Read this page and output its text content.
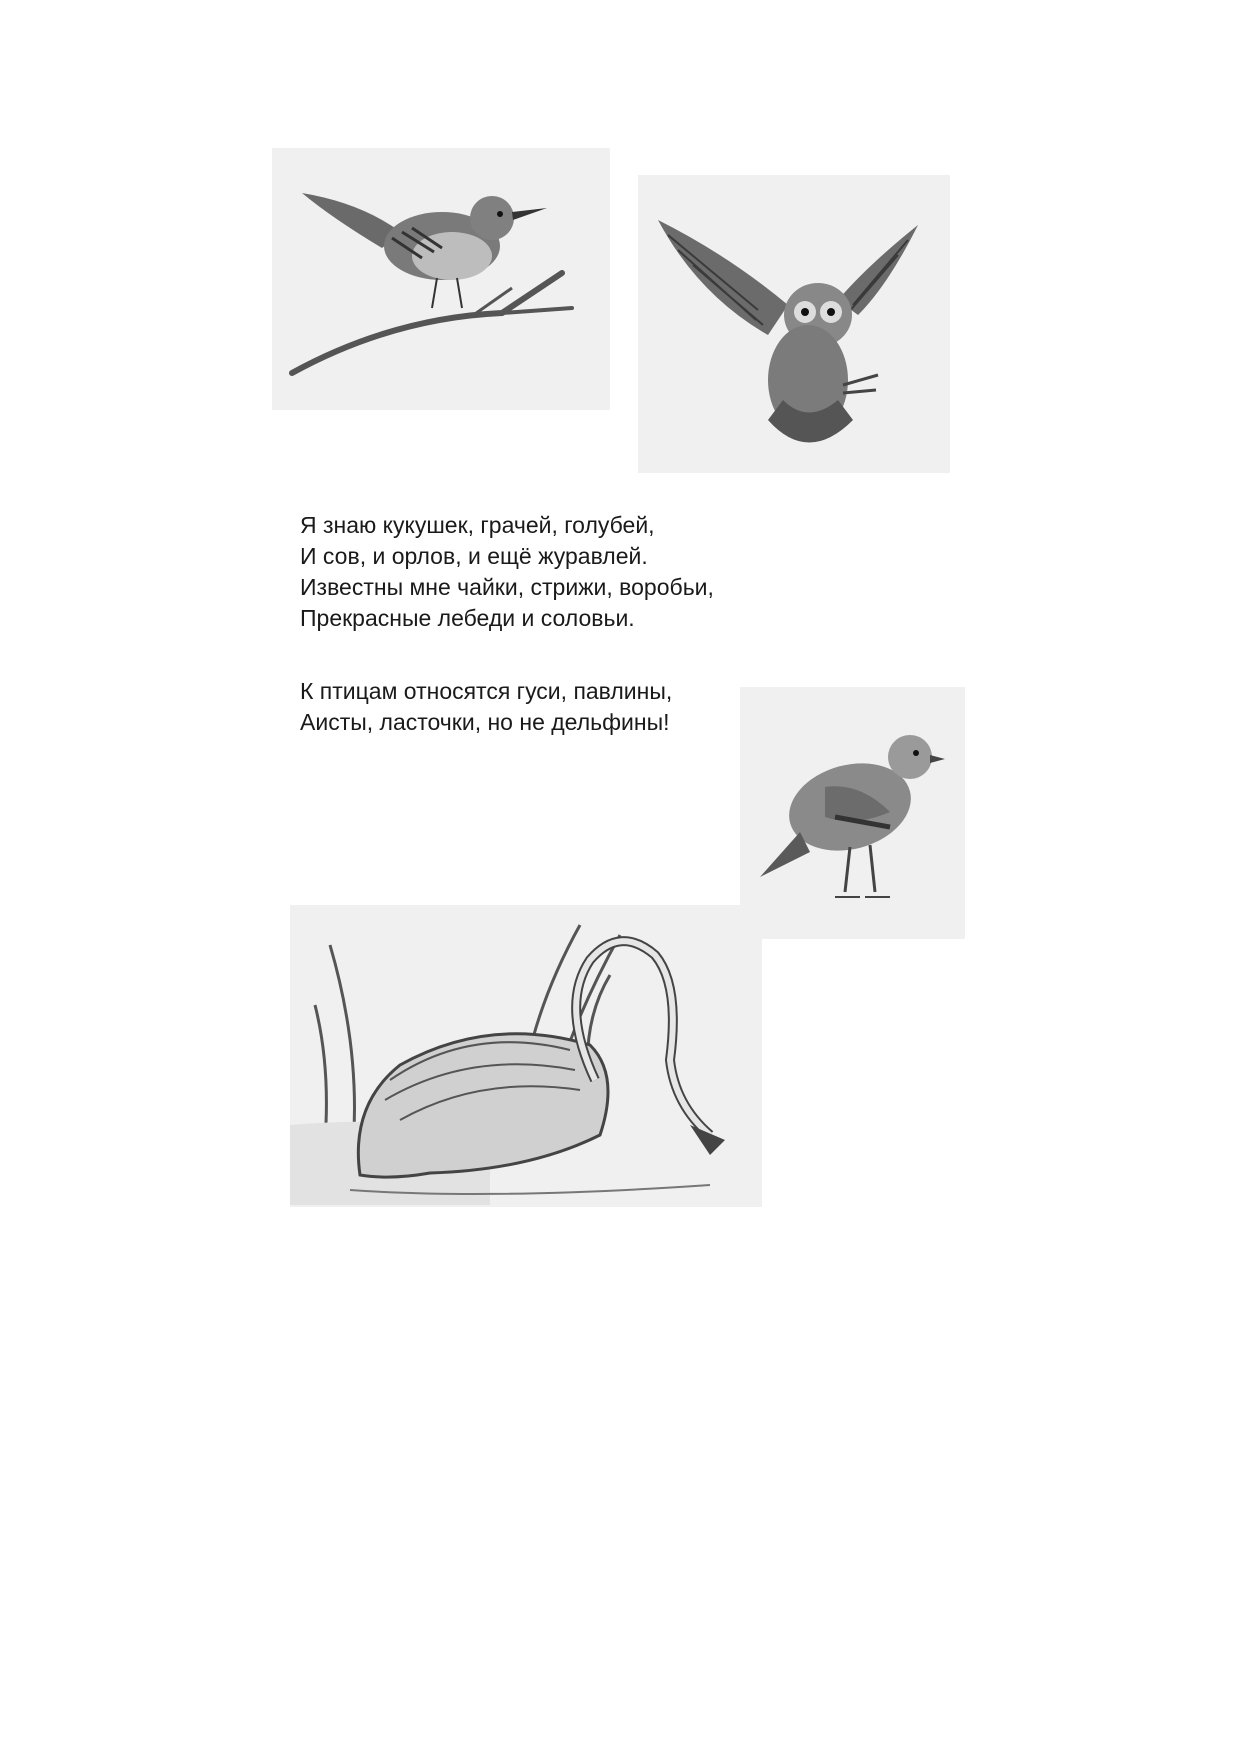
Я знаю кукушек, грачей, голубей,
И сов, и орлов, и ещё журавлей.
Известны мне чайки, стрижи, воробьи,
Прекрасные лебеди и соловьи.
К птицам относятся гуси, павлины,
Аисты, ласточки, но не дельфины!
